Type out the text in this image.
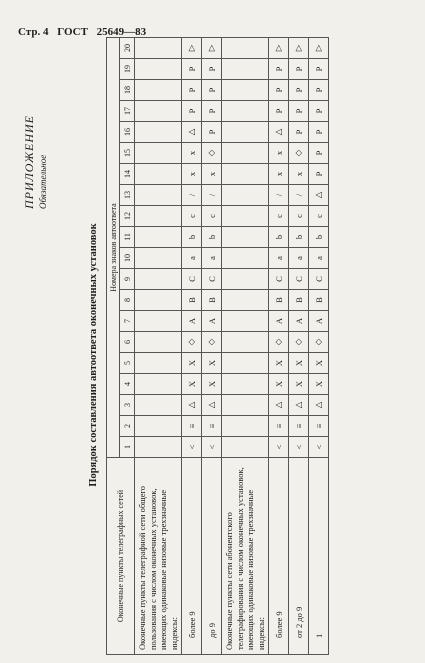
Стр. 4 ГОСТ 25649—83
ПРИЛОЖЕНИЕ Обязательное
Порядок составления автоответа оконечных установок
Оконечные пункты телеграфных сетей	Номера знаков автоответа																			
	1	2	3	4	5	6	7	8	9	10	11	12	13	14	15	16	17	18	19	20
Оконечные пункты телеграфной сети общего пользования с числом оконечных установок, имеющих одинаковые низовые трехзначные индексы:																				
более 9	<	≡	△	X	X	◇	A	B	C	a	b	c	/	x	x	△	P	P	P	▷
до 9	<	≡	△	X	X	◇	A	B	C	a	b	c	/	x	◇	P	P	P	P	▷
Оконечные пункты сети абонентского телеграфирования с числом оконечных установок, имеющих одинаковые низовые трехзначные индексы:																				
более 9	<	≡	△	X	X	◇	A	B	C	a	b	c	/	x	x	△	P	P	P	▷
от 2 до 9	<	≡	△	X	X	◇	A	B	C	a	b	c	/	x	◇	P	P	P	P	▷
1	<	≡	△	X	X	◇	A	B	C	a	b	c	△	P	P	P	P	P	P	▷
